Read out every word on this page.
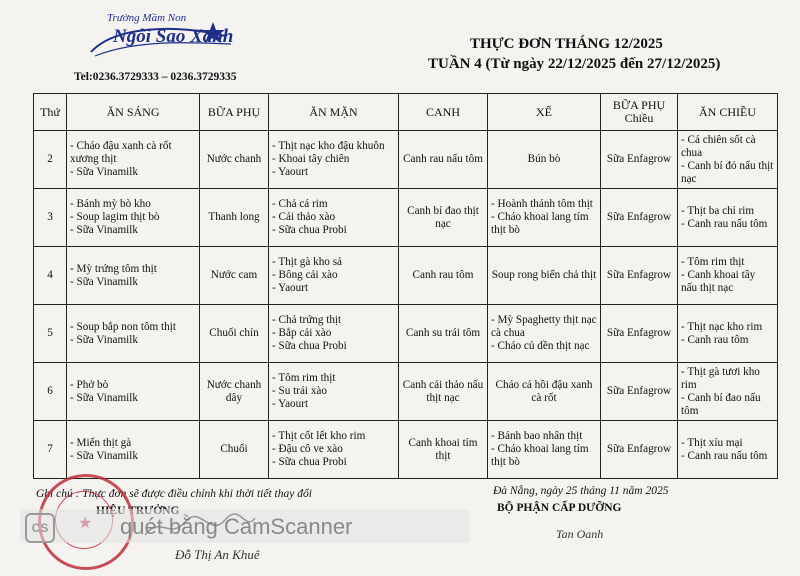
Trường Mầm Non
Ngôi Sao Xanh
Tel:0236.3729333 – 0236.3729335
THỰC ĐƠN THÁNG 12/2025
TUẦN 4 (Từ ngày 22/12/2025 đến 27/12/2025)
Thứ	ĂN SÁNG	BỮA PHỤ	ĂN MẶN	CANH	XẾ	BỮA PHỤ Chiều	ĂN CHIỀU
2	- Cháo đậu xanh cà rốt xương thịt
- Sữa Vinamilk	Nước chanh	- Thịt nạc kho đậu khuôn
- Khoai tây chiên
- Yaourt	Canh rau nấu tôm	Bún bò	Sữa Enfagrow	- Cá chiên sốt cà chua
- Canh bí đỏ nấu thịt nạc

3	- Bánh mỳ bò kho
- Soup lagim thịt bò
- Sữa Vinamilk	Thanh long	- Chả cá rim
- Cải thảo xào
- Sữa chua Probi	Canh bí đao thịt nạc	- Hoành thánh tôm thịt
- Cháo khoai lang tím thịt bò	Sữa Enfagrow	- Thịt ba chỉ rim
- Canh rau nấu tôm

4	- Mỳ trứng tôm thịt
- Sữa Vinamilk	Nước cam	- Thịt gà kho sả
- Bông cải xào
- Yaourt	Canh rau tôm	Soup rong biển chả thịt	Sữa Enfagrow	- Tôm rim thịt
- Canh khoai tây nấu thịt nạc

5	- Soup bắp non tôm thịt
- Sữa Vinamilk	Chuối chín	- Chả trứng thịt
- Bắp cải xào
- Sữa chua Probi	Canh su trái tôm	- Mỳ Spaghetty thịt nạc cà chua
- Cháo củ dền thịt nạc	Sữa Enfagrow	- Thịt nạc kho rim
- Canh rau tôm

6	- Phở bò
- Sữa Vinamilk	Nước chanh dây	- Tôm rim thịt
- Su trái xào
- Yaourt	Canh cải thảo nấu thịt nạc	Cháo cá hồi đậu xanh cà rốt	Sữa Enfagrow	- Thịt gà tươi kho rim
- Canh bí đao nấu tôm

7	- Miến thịt gà
- Sữa Vinamilk	Chuối	- Thịt cốt lết kho rim
- Đậu cô ve xào
- Sữa chua Probi	Canh khoai tím thịt	- Bánh bao nhân thịt
- Cháo khoai lang tím thịt bò	Sữa Enfagrow	- Thịt xíu mại
- Canh rau nấu tôm
Ghi chú : Thực đơn sẽ được điều chỉnh khi thời tiết thay đổi
Đỗ Thị An Khuê
Đà Nẵng, ngày 25 tháng 11 năm 2025
BỘ PHẬN CẤP DƯỠNG
Tan Oanh
CS	quét bằng CamScanner
